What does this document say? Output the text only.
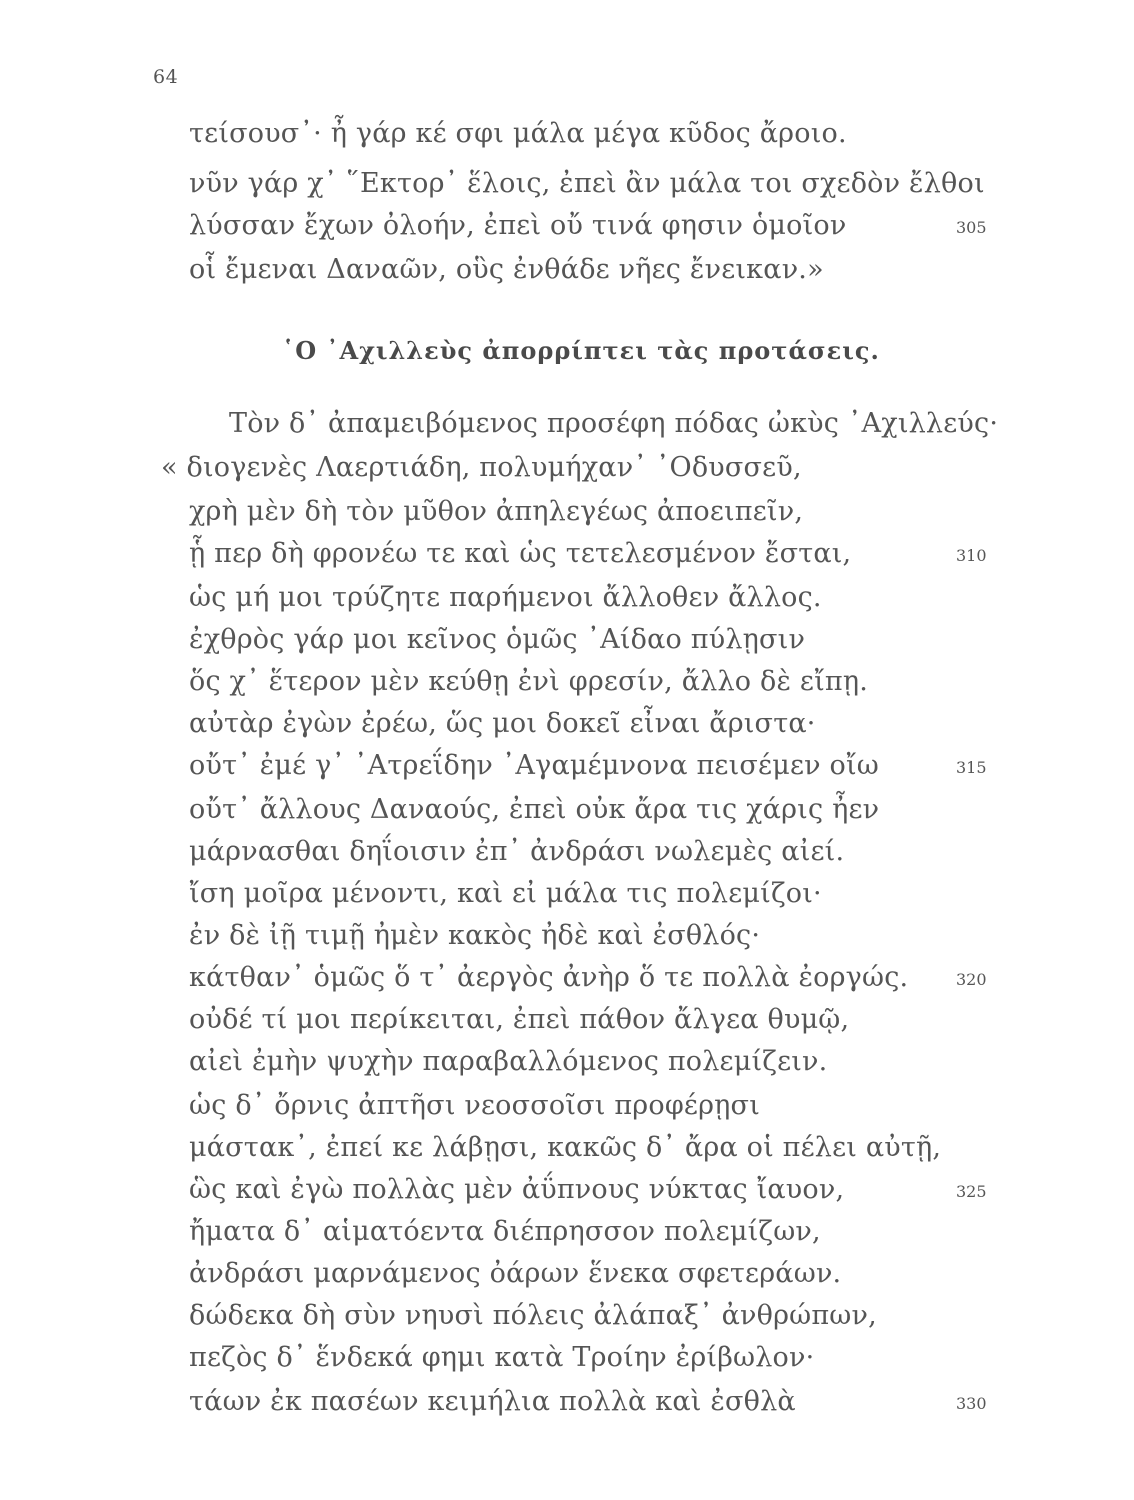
64
τείσουσ᾿· ἦ γάρ κέ σφι μάλα μέγα κῦδος ἄροιο.
νῦν γάρ χ᾿ ῞Εκτορ᾿ ἕλοις, ἐπεὶ ἂν μάλα τοι σχεδὸν ἔλθοι
λύσσαν ἔχων ὀλοήν, ἐπεὶ οὔ τινά φησιν ὁμοῖον	305
οἷ ἔμεναι Δαναῶν, οὓς ἐνθάδε νῆες ἔνεικαν.»
῾Ο ᾿Αχιλλεὺς ἀπορρίπτει τὰς προτάσεις.
Τὸν δ᾿ ἀπαμειβόμενος προσέφη πόδας ὠκὺς ᾿Αχιλλεύς·
« διογενὲς Λαερτιάδη, πολυμήχαν᾿ ᾿Οδυσσεῦ,
χρὴ μὲν δὴ τὸν μῦθον ἀπηλεγέως ἀποειπεῖν,
ᾗ περ δὴ φρονέω τε καὶ ὡς τετελεσμένον ἔσται,	310
ὡς μή μοι τρύζητε παρήμενοι ἄλλοθεν ἄλλος.
ἐχθρὸς γάρ μοι κεῖνος ὁμῶς ᾿Αίδαο πύλῃσιν
ὅς χ᾿ ἕτερον μὲν κεύθῃ ἐνὶ φρεσίν, ἄλλο δὲ εἴπῃ.
αὐτὰρ ἐγὼν ἐρέω, ὥς μοι δοκεῖ εἶναι ἄριστα·
οὔτ᾿ ἐμέ γ᾿ ᾿Ατρεΐδην ᾿Αγαμέμνονα πεισέμεν οἴω	315
οὔτ᾿ ἄλλους Δαναούς, ἐπεὶ οὐκ ἄρα τις χάρις ἦεν
μάρνασθαι δηΐοισιν ἐπ᾿ ἀνδράσι νωλεμὲς αἰεί.
ἴση μοῖρα μένοντι, καὶ εἰ μάλα τις πολεμίζοι·
ἐν δὲ ἰῇ τιμῇ ἠμὲν κακὸς ἠδὲ καὶ ἐσθλός·
κάτθαν᾿ ὁμῶς ὅ τ᾿ ἀεργὸς ἀνὴρ ὅ τε πολλὰ ἐοργώς.	320
οὐδέ τί μοι περίκειται, ἐπεὶ πάθον ἄλγεα θυμῷ,
αἰεὶ ἐμὴν ψυχὴν παραβαλλόμενος πολεμίζειν.
ὡς δ᾿ ὄρνις ἀπτῆσι νεοσσοῖσι προφέρῃσι
μάστακ᾿, ἐπεί κε λάβῃσι, κακῶς δ᾿ ἄρα οἱ πέλει αὐτῇ,
ὣς καὶ ἐγὼ πολλὰς μὲν ἀΰπνους νύκτας ἴαυον,	325
ἤματα δ᾿ αἱματόεντα διέπρησσον πολεμίζων,
ἀνδράσι μαρνάμενος ὀάρων ἕνεκα σφετεράων.
δώδεκα δὴ σὺν νηυσὶ πόλεις ἀλάπαξ᾿ ἀνθρώπων,
πεζὸς δ᾿ ἕνδεκά φημι κατὰ Τροίην ἐρίβωλον·
τάων ἐκ πασέων κειμήλια πολλὰ καὶ ἐσθλὰ	330
